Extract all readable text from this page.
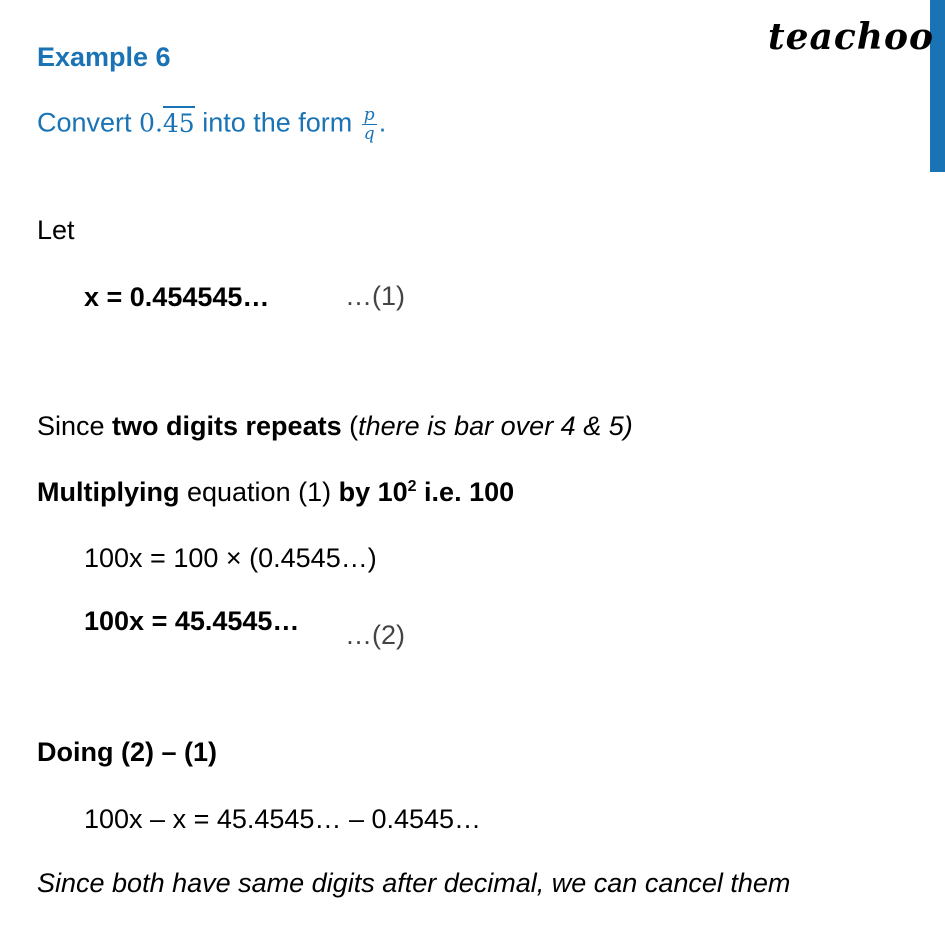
teachoo
Example 6
Convert 0.45 into the form $\frac{p}{q}$ .
Let
x = 0.454545…	…(1)
Since two digits repeats (there is bar over 4 & 5)
Multiplying equation (1) by $10^2$ i.e. 100
100x = 100 × (0.4545…)
100x = 45.4545… …(2)
Doing (2) – (1)
100x – x = 45.4545… – 0.4545…
Since both have same digits after decimal, we can cancel them
